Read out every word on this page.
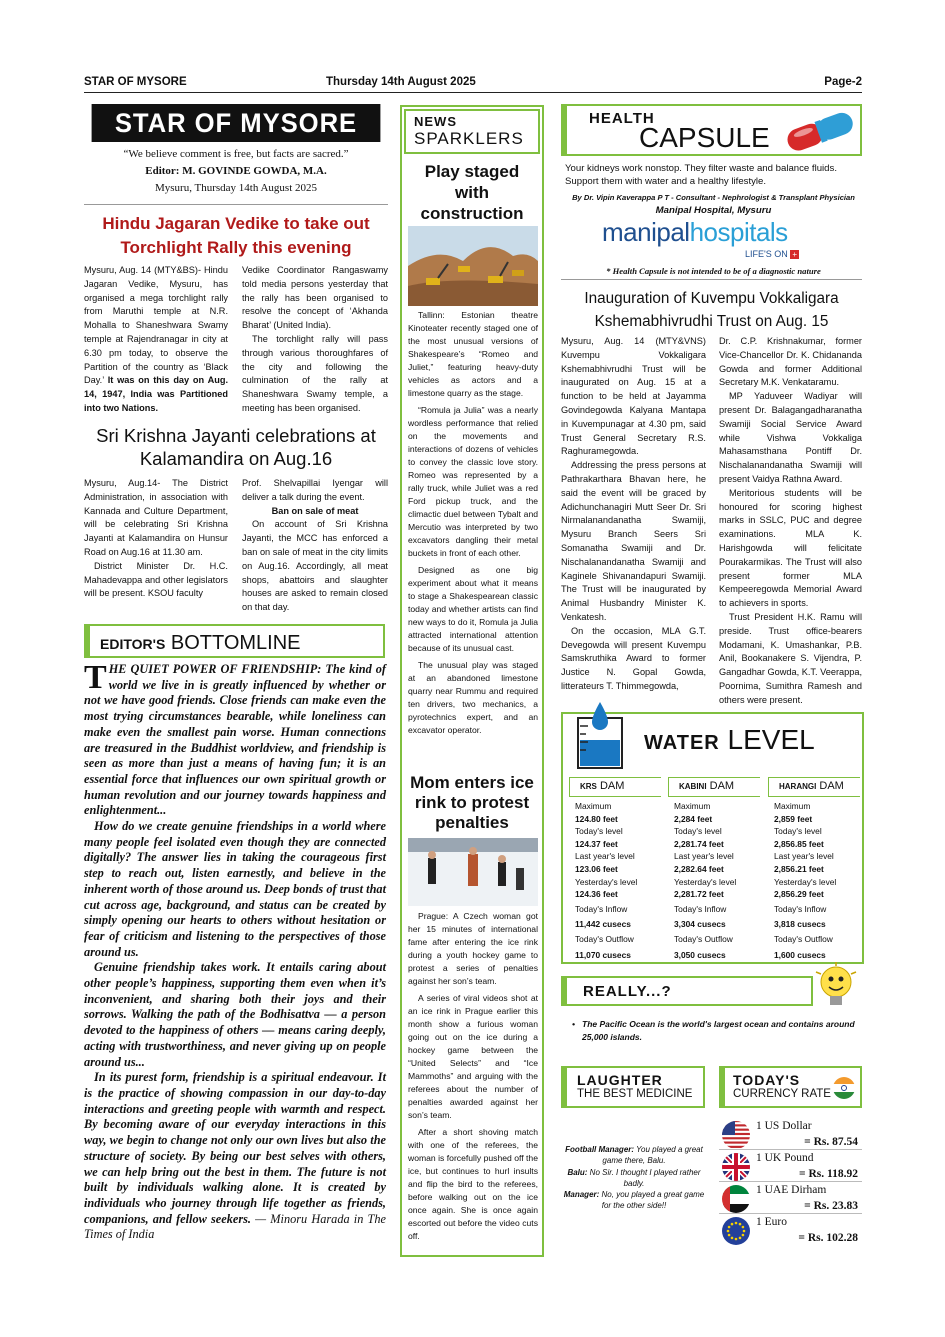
STAR OF MYSORE	Thursday 14th August 2025	Page-2
STAR OF MYSORE
“We believe comment is free, but facts are sacred.”
Editor: M. GOVINDE GOWDA, M.A.
Mysuru, Thursday 14th August 2025
Hindu Jagaran Vedike to take out Torchlight Rally this evening
Mysuru, Aug. 14 (MTY&BS)- Hindu Jagaran Vedike, Mysuru, has organised a mega torchlight rally from Maruthi temple at N.R. Mohalla to Shaneshwara Swamy temple at Rajendranagar in city at 6.30 pm today, to observe the Partition of the country as ‘Black Day.’ It was on this day on Aug. 14, 1947, India was Partitioned into two Nations.

Vedike Coordinator Rangaswamy told media persons yesterday that the rally has been organised to resolve the concept of ‘Akhanda Bharat’ (United India).

The torchlight rally will pass through various thoroughfares of the city and following the culmination of the rally at Shaneshwara Swamy temple, a meeting has been organised.

Sri Krishna Jayanti celebrations at Kalamandira on Aug.16

Mysuru, Aug.14- The District Administration, in association with Kannada and Culture Department, will be celebrating Sri Krishna Jayanti at Kalamandira on Hunsur Road on Aug.16 at 11.30 am.

District Minister Dr. H.C. Mahadevappa and other legislators will be present. KSOU faculty

Prof. Shelvapillai Iyengar will deliver a talk during the event.

Ban on sale of meat

On account of Sri Krishna Jayanti, the MCC has enforced a ban on sale of meat in the city limits on Aug.16. Accordingly, all meat shops, abattoirs and slaughter houses are asked to remain closed on that day.

EDITOR'S BOTTOMLINE

THE QUIET POWER OF FRIENDSHIP: The kind of world we live in is greatly influenced by whether or not we have good friends. Close friends can make even the most trying circumstances bearable, while loneliness can make even the smallest pain worse. Human connections are treasured in the Buddhist worldview, and friendship is seen as more than just a means of having fun; it is an essential force that influences our own spiritual growth or human revolution and our journey towards happiness and enlightenment...

How do we create genuine friendships in a world where many people feel isolated even though they are connected digitally? The answer lies in taking the courageous first step to reach out, listen earnestly, and believe in the inherent worth of those around us. Deep bonds of trust that cut across age, background, and status can be created by simply opening our hearts to others without hesitation or fear of criticism and listening to the perspectives of those around us.

Genuine friendship takes work. It entails caring about other people’s happiness, supporting them even when it’s inconvenient, and sharing both their joys and their sorrows. Walking the path of the Bodhisattva — a person devoted to the happiness of others — means caring deeply, acting with trustworthiness, and never giving up on people around us...

In its purest form, friendship is a spiritual endeavour. It is the practice of showing compassion in our day-to-day interactions and greeting people with warmth and respect. By becoming aware of our everyday interactions in this way, we begin to change not only our own lives but also the structure of society. By being our best selves with others, we can help bring out the best in them. The future is not built by individuals walking alone. It is created by individuals who journey through life together as friends, companions, and fellow seekers. — Minoru Harada in The Times of India

NEWS
SPARKLERS
Play staged with construction

Tallinn: Estonian theatre Kinoteater recently staged one of the most unusual versions of Shakespeare’s “Romeo and Juliet,” featuring heavy-duty vehicles as actors and a limestone quarry as the stage.

“Romula ja Julia” was a nearly wordless performance that relied on the movements and interactions of dozens of vehicles to convey the classic love story. Romeo was represented by a rally truck, while Juliet was a red Ford pickup truck, and the climactic duel between Tybalt and Mercutio was interpreted by two excavators dangling their metal buckets in front of each other.

Designed as one big experiment about what it means to stage a Shakespearean classic today and whether artists can find new ways to do it, Romula ja Julia attracted international attention because of its unusual cast.

The unusual play was staged at an abandoned limestone quarry near Rummu and required ten drivers, two mechanics, a pyrotechnics expert, and an excavator operator.

Mom enters ice rink to protest penalties

Prague: A Czech woman got her 15 minutes of international fame after entering the ice rink during a youth hockey game to protest a series of penalties against her son’s team.

A series of viral videos shot at an ice rink in Prague earlier this month show a furious woman going out on the ice during a hockey game between the “United Selects” and “Ice Mammoths” and arguing with the referees about the number of penalties awarded against her son’s team.

After a short shoving match with one of the referees, the woman is forcefully pushed off the ice, but continues to hurl insults and flip the bird to the referees, before walking out on the ice once again. She is once again escorted out before the video cuts off.

HEALTH
CAPSULE
Your kidneys work nonstop. They filter waste and balance fluids. Support them with water and a healthy lifestyle.
By Dr. Vipin Kaverappa P T - Consultant - Nephrologist & Transplant Physician
Manipal Hospital, Mysuru
manipalhospitals
LIFE'S ON +
* Health Capsule is not intended to be of a diagnostic nature
Inauguration of Kuvempu Vokkaligara Kshemabhivrudhi Trust on Aug. 15

Mysuru, Aug. 14 (MTY&VNS) Kuvempu Vokkaligara Kshemabhivrudhi Trust will be inaugurated on Aug. 15 at a function to be held at Jayamma Govindegowda Kalyana Mantapa in Kuvempunagar at 4.30 pm, said Trust General Secretary R.S. Raghuramegowda.

Addressing the press persons at Pathrakarthara Bhavan here, he said the event will be graced by Adichunchanagiri Mutt Seer Dr. Sri Nirmalanandanatha Swamiji, Mysuru Branch Seers Sri Somanatha Swamiji and Dr. Nischalanandanatha Swamiji and Kaginele Shivanandapuri Swamiji. The Trust will be inaugurated by Animal Husbandry Minister K. Venkatesh.

On the occasion, MLA G.T. Devegowda will present Kuvempu Samskruthika Award to former Justice N. Gopal Gowda, litterateurs T. Thimmegowda,

Dr. C.P. Krishnakumar, former Vice-Chancellor Dr. K. Chidananda Gowda and former Additional Secretary M.K. Venkataramu.

MP Yaduveer Wadiyar will present Dr. Balagangadharanatha Swamiji Social Service Award while Vishwa Vokkaliga Mahasamsthana Pontiff Dr. Nischalanandanatha Swamiji will present Vaidya Rathna Award.

Meritorious students will be honoured for scoring highest marks in SSLC, PUC and degree examinations. MLA K. Harishgowda will felicitate Pourakarmikas. The Trust will also present former MLA Kempeeregowda Memorial Award to achievers in sports.

Trust President H.K. Ramu will preside. Trust office-bearers Modamani, K. Umashankar, P.B. Anil, Bookanakere S. Vijendra, P. Gangadhar Gowda, K.T. Veerappa, Poornima, Sumithra Ramesh and others were present.

WATER LEVEL
KRS DAM
Maximum
124.80 feet
Today's level
124.37 feet
Last year's level
123.06 feet
Yesterday's level
124.36 feet
Today's Inflow
11,442 cusecs
Today's Outflow
11,070 cusecs
KABINI DAM
Maximum
2,284 feet
Today's level
2,281.74 feet
Last year's level
2,282.64 feet
Yesterday's level
2,281.72 feet
Today's Inflow
3,304 cusecs
Today's Outflow
3,050 cusecs
HARANGI DAM
Maximum
2,859 feet
Today's level
2,856.85 feet
Last year's level
2,856.21 feet
Yesterday's level
2,856.29 feet
Today's Inflow
3,818 cusecs
Today's Outflow
1,600 cusecs
REALLY...?
• The Pacific Ocean is the world's largest ocean and contains around 25,000 islands.
LAUGHTER
THE BEST MEDICINE

Football Manager: You played a great game there, Balu.

Balu: No Sir. I thought I played rather badly.

Manager: No, you played a great game for the other side!!

TODAY'S
CURRENCY RATE
1 US Dollar
= Rs. 87.54
1 UK Pound
= Rs. 118.92
1 UAE Dirham
= Rs. 23.83
1 Euro
= Rs. 102.28
